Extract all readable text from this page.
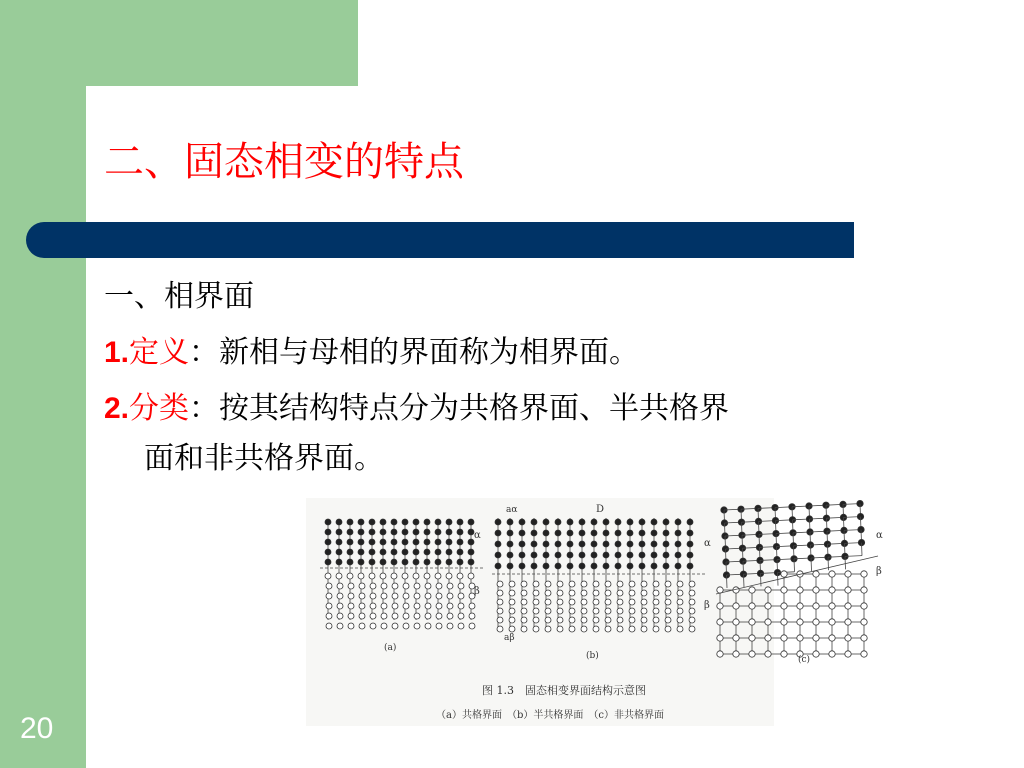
二、固态相变的特点
一、相界面
1.定义：新相与母相的界面称为相界面。
2.分类：按其结构特点分为共格界面、半共格界
面和非共格界面。
α
β
α
β
aα	D
aβ
α
β
(a)
(b)	(c)
图 1.3　固态相变界面结构示意图
（a）共格界面　（b）半共格界面　（c）非共格界面
20
